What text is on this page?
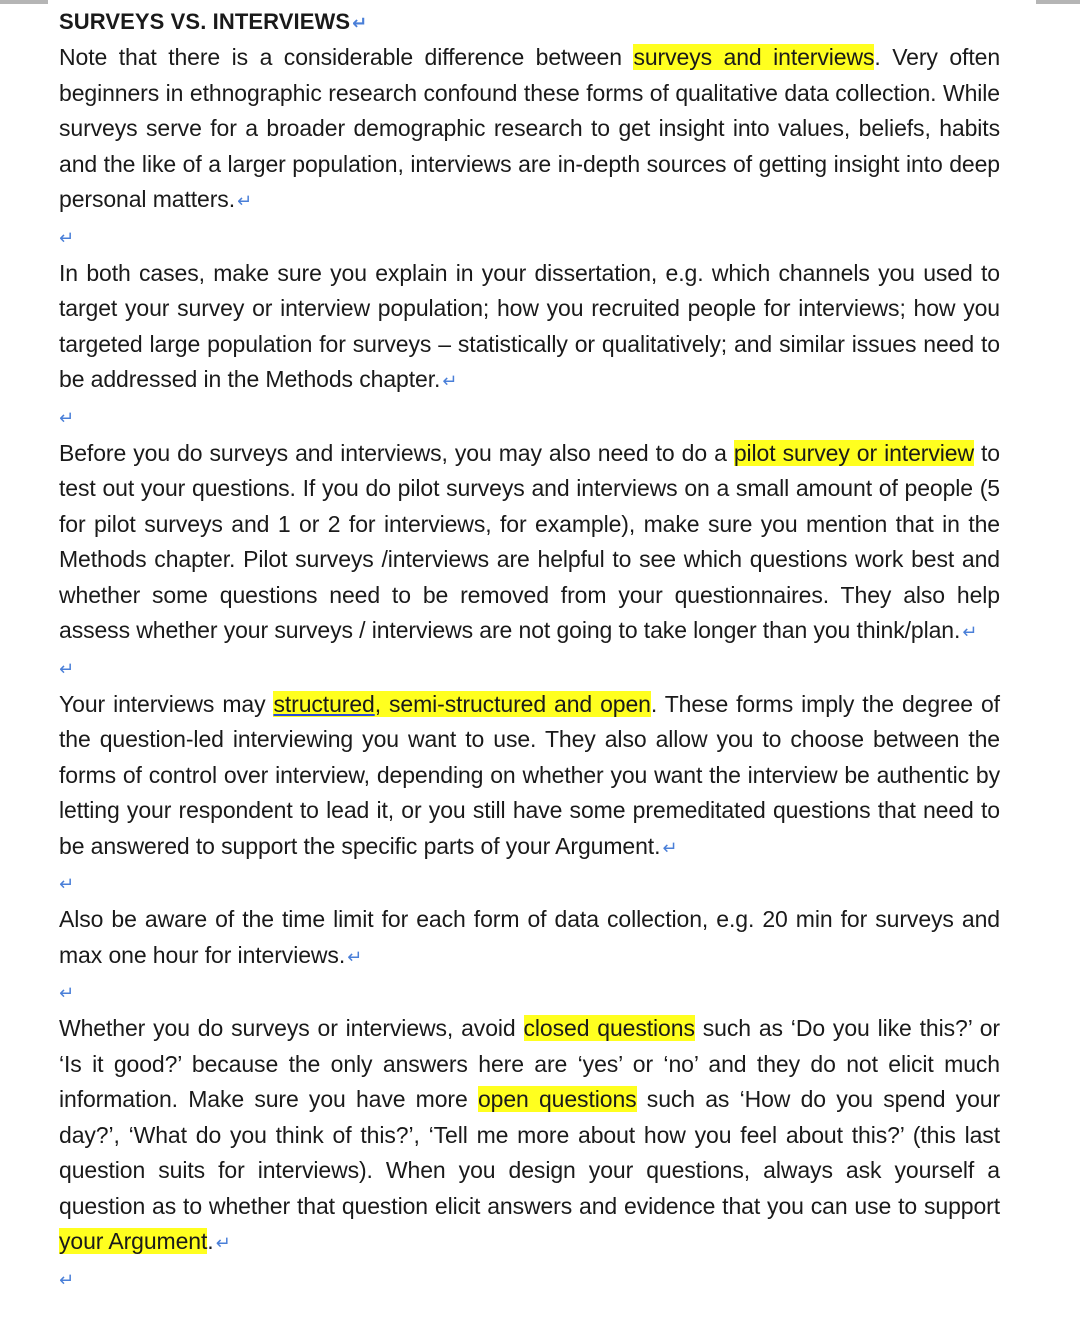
SURVEYS VS. INTERVIEWS ↵

Note that there is a considerable difference between surveys and interviews. Very often beginners in ethnographic research confound these forms of qualitative data collection. While surveys serve for a broader demographic research to get insight into values, beliefs, habits and the like of a larger population, interviews are in-depth sources of getting insight into deep personal matters. ↵

↵

In both cases, make sure you explain in your dissertation, e.g. which channels you used to target your survey or interview population; how you recruited people for interviews; how you targeted large population for surveys – statistically or qualitatively; and similar issues need to be addressed in the Methods chapter. ↵

↵

Before you do surveys and interviews, you may also need to do a pilot survey or interview to test out your questions. If you do pilot surveys and interviews on a small amount of people (5 for pilot surveys and 1 or 2 for interviews, for example), make sure you mention that in the Methods chapter. Pilot surveys /interviews are helpful to see which questions work best and whether some questions need to be removed from your questionnaires. They also help assess whether your surveys / interviews are not going to take longer than you think/plan. ↵

↵

Your interviews may structured, semi-structured and open. These forms imply the degree of the question-led interviewing you want to use. They also allow you to choose between the forms of control over interview, depending on whether you want the interview be authentic by letting your respondent to lead it, or you still have some premeditated questions that need to be answered to support the specific parts of your Argument. ↵

↵

Also be aware of the time limit for each form of data collection, e.g. 20 min for surveys and max one hour for interviews. ↵

↵

Whether you do surveys or interviews, avoid closed questions such as ‘Do you like this?’ or ‘Is it good?’ because the only answers here are ‘yes’ or ‘no’ and they do not elicit much information. Make sure you have more open questions such as ‘How do you spend your day?’, ‘What do you think of this?’, ‘Tell me more about how you feel about this?’ (this last question suits for interviews). When you design your questions, always ask yourself a question as to whether that question elicit answers and evidence that you can use to support your Argument. ↵

↵
